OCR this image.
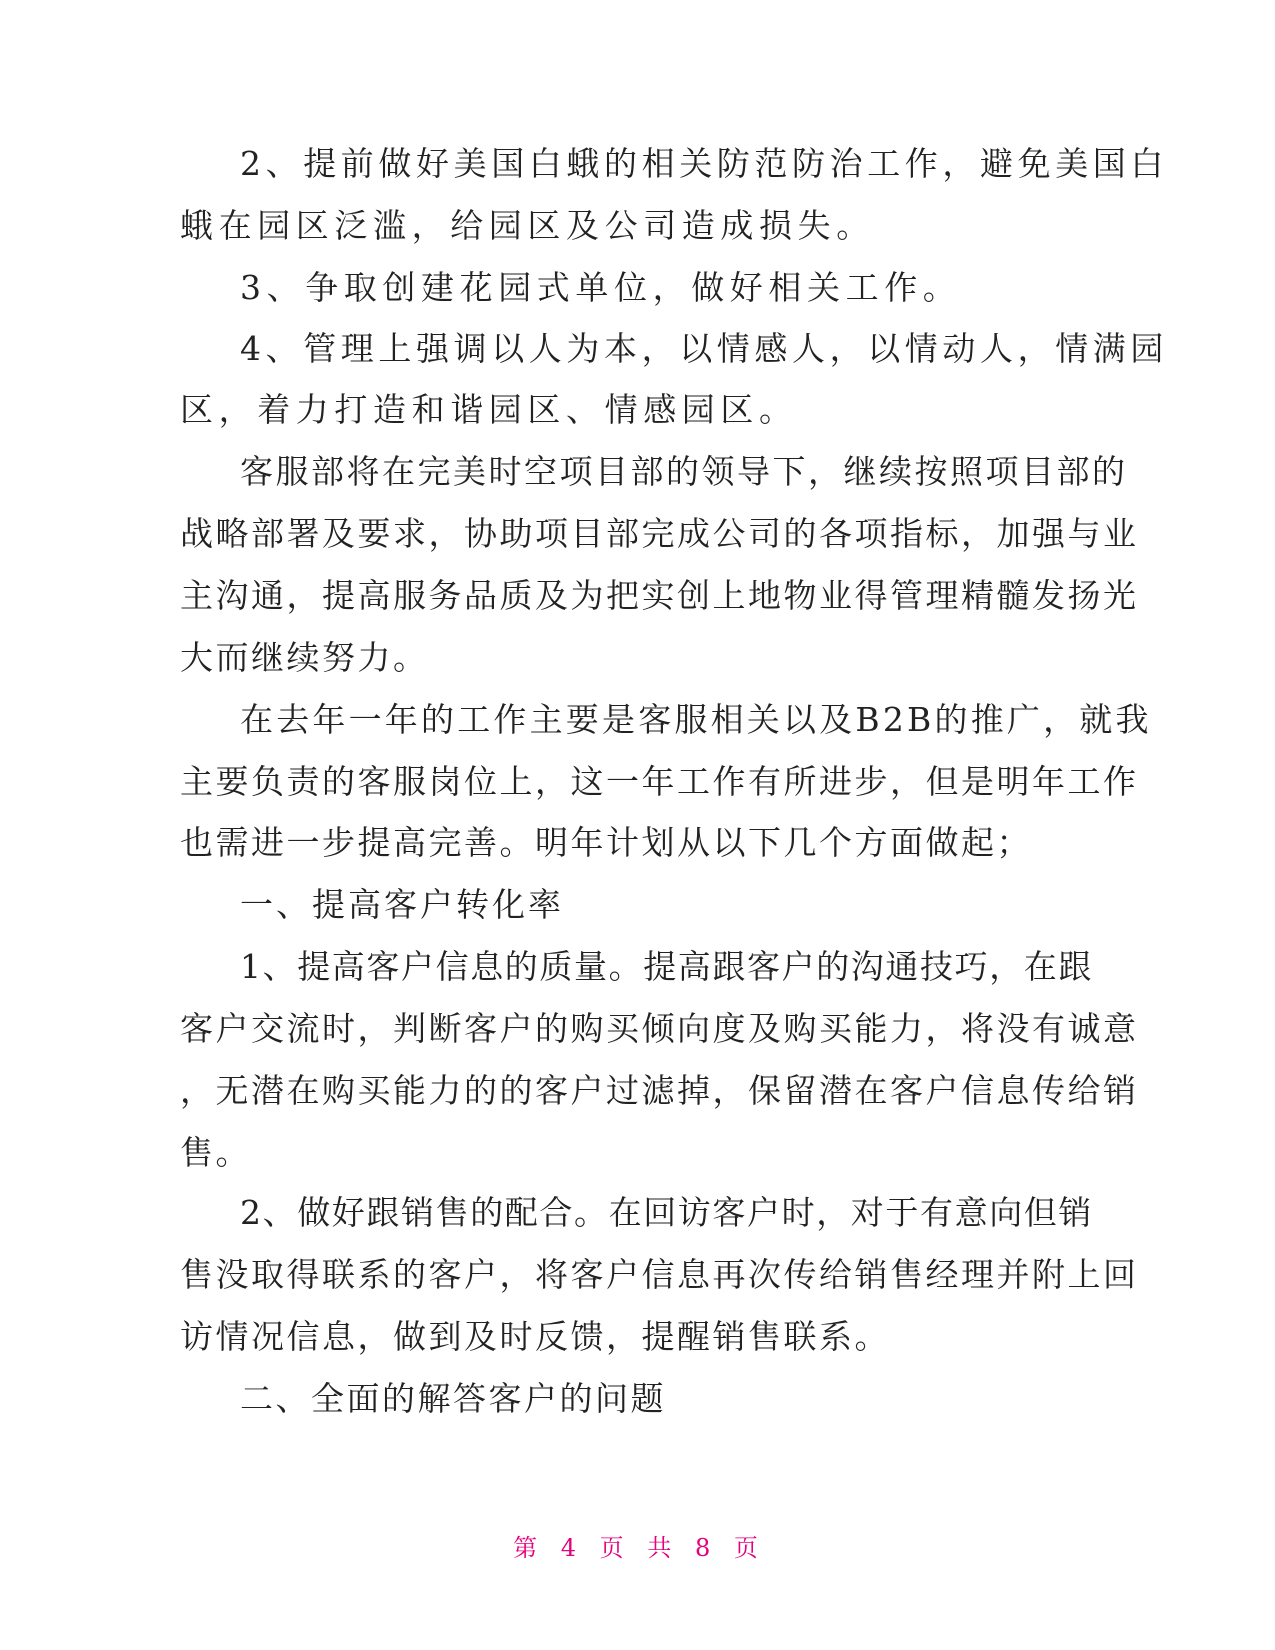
2、提前做好美国白蛾的相关防范防治工作，避免美国白
蛾在园区泛滥，给园区及公司造成损失。
3、争取创建花园式单位，做好相关工作。
4、管理上强调以人为本，以情感人，以情动人，情满园
区，着力打造和谐园区、情感园区。
客服部将在完美时空项目部的领导下，继续按照项目部的
战略部署及要求，协助项目部完成公司的各项指标，加强与业
主沟通，提高服务品质及为把实创上地物业得管理精髓发扬光
大而继续努力。
在去年一年的工作主要是客服相关以及B2B的推广，就我
主要负责的客服岗位上，这一年工作有所进步，但是明年工作
也需进一步提高完善。明年计划从以下几个方面做起；
一、提高客户转化率
1、提高客户信息的质量。提高跟客户的沟通技巧，在跟
客户交流时，判断客户的购买倾向度及购买能力，将没有诚意
，无潜在购买能力的的客户过滤掉，保留潜在客户信息传给销
售。
2、做好跟销售的配合。在回访客户时，对于有意向但销
售没取得联系的客户，将客户信息再次传给销售经理并附上回
访情况信息，做到及时反馈，提醒销售联系。
二、全面的解答客户的问题
第 4 页 共 8 页
